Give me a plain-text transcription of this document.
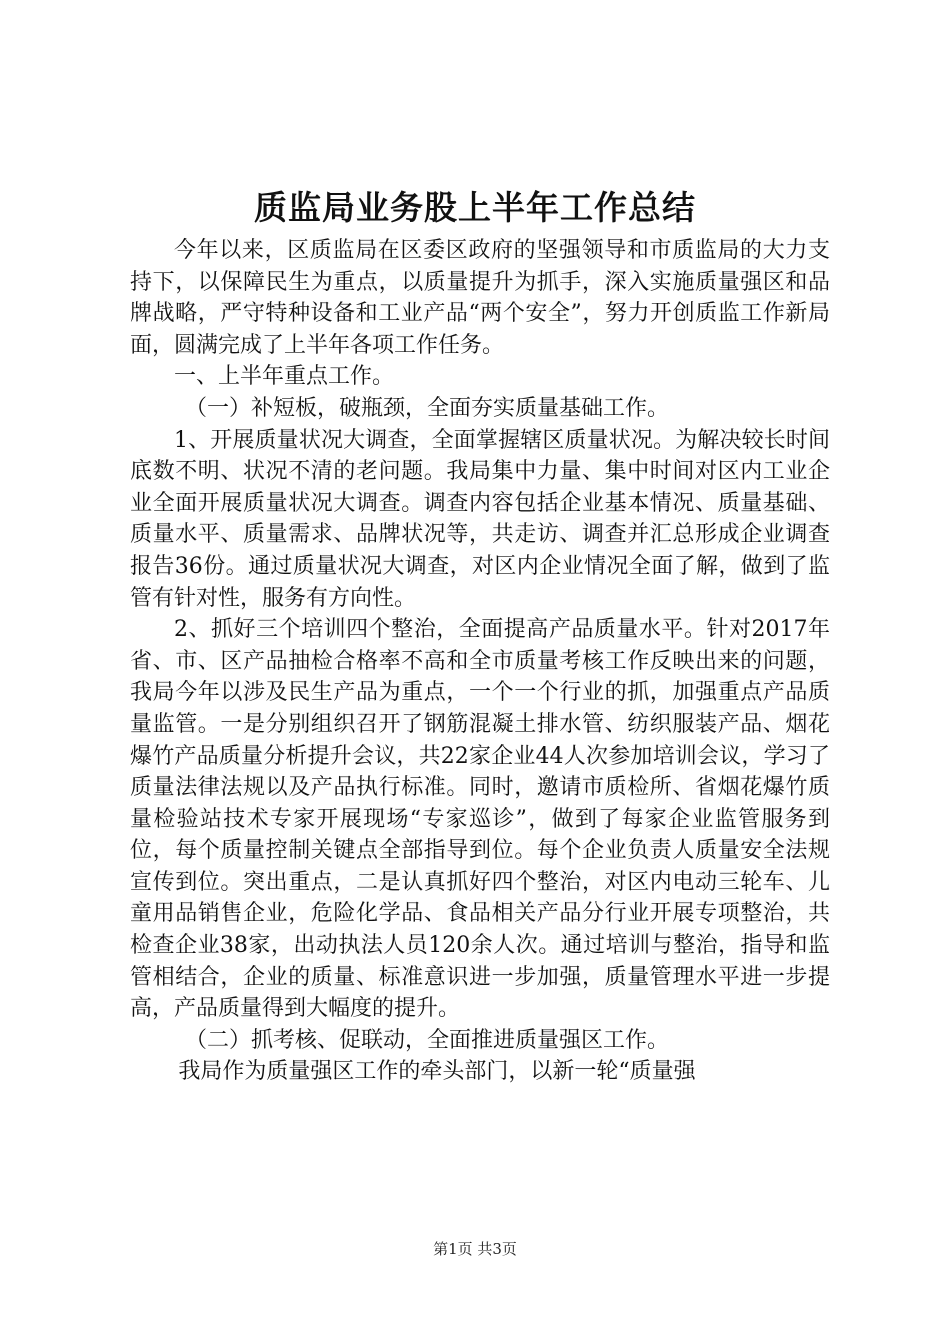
质监局业务股上半年工作总结

今年以来，区质监局在区委区政府的坚强领导和市质监局的大力支持下，以保障民生为重点，以质量提升为抓手，深入实施质量强区和品牌战略，严守特种设备和工业产品“两个安全”，努力开创质监工作新局面，圆满完成了上半年各项工作任务。

一、上半年重点工作。

（一）补短板，破瓶颈，全面夯实质量基础工作。

1、开展质量状况大调查，全面掌握辖区质量状况。为解决较长时间底数不明、状况不清的老问题。我局集中力量、集中时间对区内工业企业全面开展质量状况大调查。调查内容包括企业基本情况、质量基础、质量水平、质量需求、品牌状况等，共走访、调查并汇总形成企业调查报告36份。通过质量状况大调查，对区内企业情况全面了解，做到了监管有针对性，服务有方向性。

2、抓好三个培训四个整治，全面提高产品质量水平。针对2017年省、市、区产品抽检合格率不高和全市质量考核工作反映出来的问题，我局今年以涉及民生产品为重点，一个一个行业的抓，加强重点产品质量监管。一是分别组织召开了钢筋混凝土排水管、纺织服装产品、烟花爆竹产品质量分析提升会议，共22家企业44人次参加培训会议，学习了质量法律法规以及产品执行标准。同时，邀请市质检所、省烟花爆竹质量检验站技术专家开展现场“专家巡诊”，做到了每家企业监管服务到位，每个质量控制关键点全部指导到位。每个企业负责人质量安全法规宣传到位。突出重点，二是认真抓好四个整治，对区内电动三轮车、儿童用品销售企业，危险化学品、食品相关产品分行业开展专项整治，共检查企业38家，出动执法人员120余人次。通过培训与整治，指导和监管相结合，企业的质量、标准意识进一步加强，质量管理水平进一步提高，产品质量得到大幅度的提升。

（二）抓考核、促联动，全面推进质量强区工作。

我局作为质量强区工作的牵头部门，以新一轮“质量强

第1页 共3页
